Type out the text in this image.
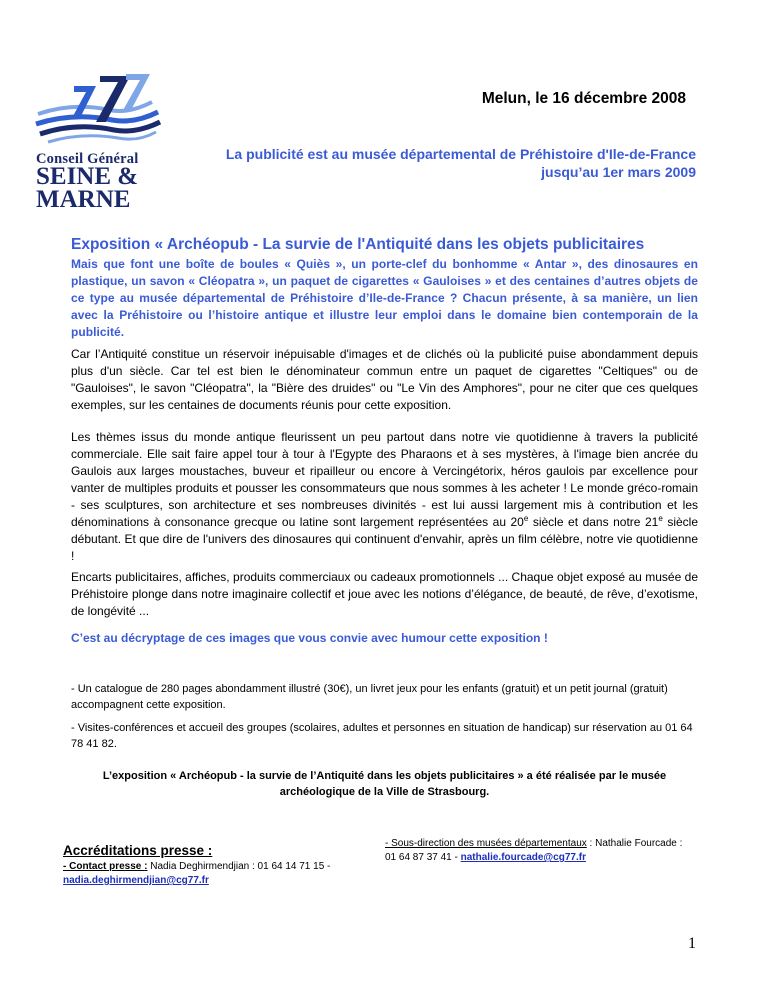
Conseil Général
SEINE &
MARNE
Melun, le 16 décembre 2008
La publicité est au musée départemental de Préhistoire d'Ile-de-France
jusqu’au 1er mars 2009
Exposition « Archéopub - La survie de l'Antiquité dans les objets publicitaires
Mais que font une boîte de boules « Quiès », un porte-clef du bonhomme « Antar », des dinosaures en plastique, un savon « Cléopatra », un paquet de cigarettes « Gauloises » et des centaines d’autres objets de ce type au musée départemental de Préhistoire d’Ile-de-France ? Chacun présente, à sa manière, un lien avec la Préhistoire ou l’histoire antique et illustre leur emploi dans le domaine bien contemporain de la publicité.
Car l’Antiquité constitue un réservoir inépuisable d'images et de clichés où la publicité puise abondamment depuis plus d'un siècle. Car tel est bien le dénominateur commun entre un paquet de cigarettes "Celtiques" ou de "Gauloises", le savon "Cléopatra", la "Bière des druides" ou "Le Vin des Amphores", pour ne citer que ces quelques exemples, sur les centaines de documents réunis pour cette exposition.
Les thèmes issus du monde antique fleurissent un peu partout dans notre vie quotidienne à travers la publicité commerciale. Elle sait faire appel tour à tour à l'Egypte des Pharaons et à ses mystères, à l'image bien ancrée du Gaulois aux larges moustaches, buveur et ripailleur ou encore à Vercingétorix, héros gaulois par excellence pour vanter de multiples produits et pousser les consommateurs que nous sommes à les acheter ! Le monde gréco-romain - ses sculptures, son architecture et ses nombreuses divinités - est lui aussi largement mis à contribution et les dénominations à consonance grecque ou latine sont largement représentées au 20e siècle et dans notre 21e siècle débutant. Et que dire de l'univers des dinosaures qui continuent d'envahir, après un film célèbre, notre vie quotidienne !
Encarts publicitaires, affiches, produits commerciaux ou cadeaux promotionnels ... Chaque objet exposé au musée de Préhistoire plonge dans notre imaginaire collectif et joue avec les notions d’élégance, de beauté, de rêve, d’exotisme, de longévité ...
C’est au décryptage de ces images que vous convie avec humour cette exposition !
- Un catalogue de 280 pages abondamment illustré (30€), un livret jeux pour les enfants (gratuit) et un petit journal (gratuit) accompagnent cette exposition.
- Visites-conférences et accueil des groupes (scolaires, adultes et personnes en situation de handicap) sur réservation au 01 64 78 41 82.
L’exposition « Archéopub - la survie de l’Antiquité dans les objets publicitaires » a été réalisée par le musée
archéologique de la Ville de Strasbourg.
Accréditations presse :
- Contact presse : Nadia Deghirmendjian : 01 64 14 71 15 -
nadia.deghirmendjian@cg77.fr
- Sous-direction des musées départementaux : Nathalie Fourcade :
01 64 87 37 41 - nathalie.fourcade@cg77.fr
1
